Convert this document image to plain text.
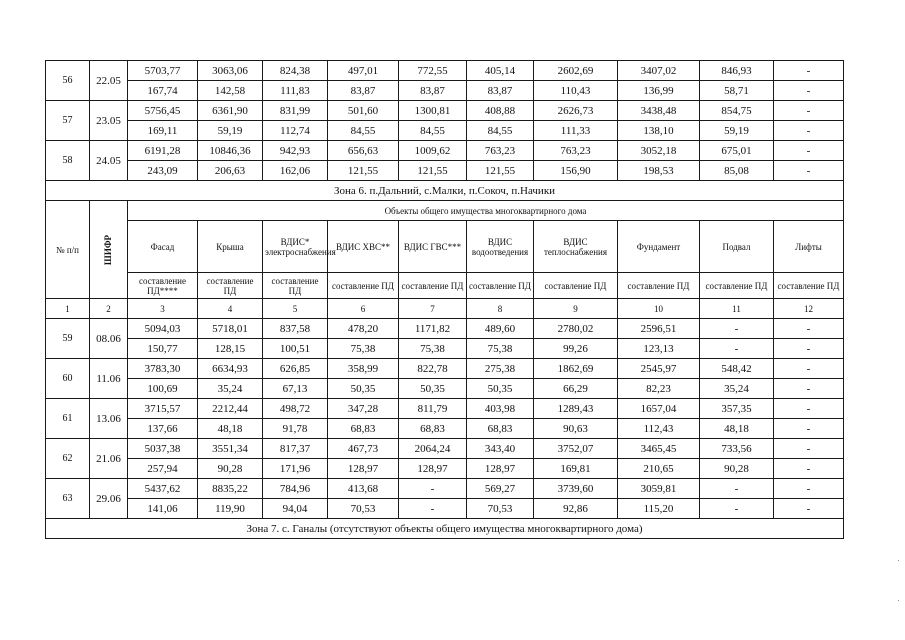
56	22.05	5703,77	3063,06	824,38	497,01	772,55	405,14	2602,69	3407,02	846,93	-
		167,74	142,58	111,83	83,87	83,87	83,87	110,43	136,99	58,71	-
57	23.05	5756,45	6361,90	831,99	501,60	1300,81	408,88	2626,73	3438,48	854,75	-
		169,11	59,19	112,74	84,55	84,55	84,55	111,33	138,10	59,19	-
58	24.05	6191,28	10846,36	942,93	656,63	1009,62	763,23	763,23	3052,18	675,01	-
		243,09	206,63	162,06	121,55	121,55	121,55	156,90	198,53	85,08	-
Зона 6. п.Дальний, с.Малки, п.Сокоч, п.Начики											
№ п/п	ШИФР	Объекты общего имущества многоквартирного дома									
		Фасад	Крыша	ВДИС* электроснабжения	ВДИС ХВС**	ВДИС ГВС***	ВДИС водоотведения	ВДИС теплоснабжения	Фундамент	Подвал	Лифты
		составление ПД****	составление ПД	составление ПД	составление ПД	составление ПД	составление ПД	составление ПД	составление ПД	составление ПД	составление ПД
1	2	3	4	5	6	7	8	9	10	11	12
59	08.06	5094,03	5718,01	837,58	478,20	1171,82	489,60	2780,02	2596,51	-	-
		150,77	128,15	100,51	75,38	75,38	75,38	99,26	123,13	-	-
60	11.06	3783,30	6634,93	626,85	358,99	822,78	275,38	1862,69	2545,97	548,42	-
		100,69	35,24	67,13	50,35	50,35	50,35	66,29	82,23	35,24	-
61	13.06	3715,57	2212,44	498,72	347,28	811,79	403,98	1289,43	1657,04	357,35	-
		137,66	48,18	91,78	68,83	68,83	68,83	90,63	112,43	48,18	-
62	21.06	5037,38	3551,34	817,37	467,73	2064,24	343,40	3752,07	3465,45	733,56	-
		257,94	90,28	171,96	128,97	128,97	128,97	169,81	210,65	90,28	-
63	29.06	5437,62	8835,22	784,96	413,68	-	569,27	3739,60	3059,81	-	-
		141,06	119,90	94,04	70,53	-	70,53	92,86	115,20	-	-
Зона 7. с. Ганалы (отсутствуют объекты общего имущества многоквартирного дома)											
